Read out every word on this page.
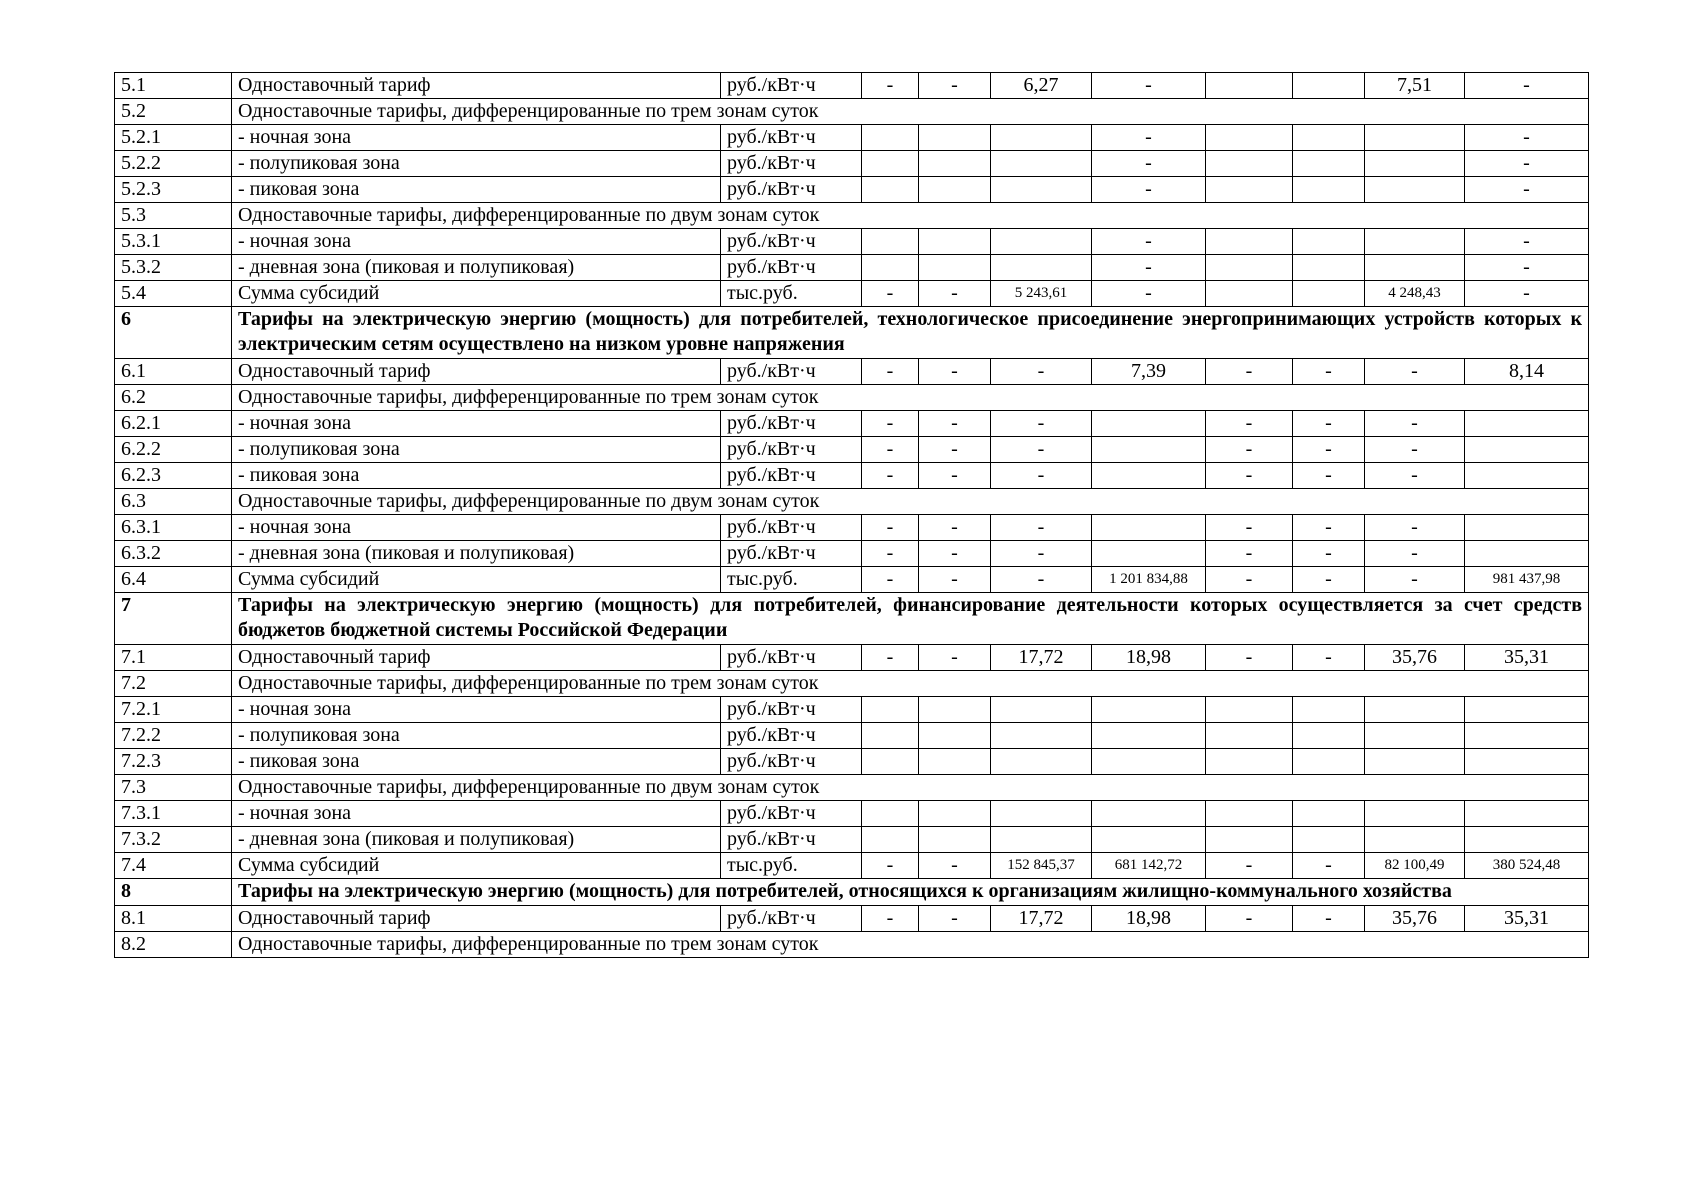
5.1	Одноставочный тариф	руб./кВт·ч	-	-	6,27	-			7,51	-
5.2	Одноставочные тарифы, дифференцированные по трем зонам суток									
5.2.1	- ночная зона	руб./кВт·ч				-				-
5.2.2	- полупиковая зона	руб./кВт·ч				-				-
5.2.3	- пиковая зона	руб./кВт·ч				-				-
5.3	Одноставочные тарифы, дифференцированные по двум зонам суток									
5.3.1	- ночная зона	руб./кВт·ч				-				-
5.3.2	- дневная зона (пиковая и полупиковая)	руб./кВт·ч				-				-
5.4	Сумма субсидий	тыс.руб.	-	-	5 243,61	-			4 248,43	-
6	Тарифы на электрическую энергию (мощность) для потребителей, технологическое присоединение энергопринимающих устройств которых к электрическим сетям осуществлено на низком уровне напряжения									
6.1	Одноставочный тариф	руб./кВт·ч	-	-	-	7,39	-	-	-	8,14
6.2	Одноставочные тарифы, дифференцированные по трем зонам суток									
6.2.1	- ночная зона	руб./кВт·ч	-	-	-		-	-	-	
6.2.2	- полупиковая зона	руб./кВт·ч	-	-	-		-	-	-	
6.2.3	- пиковая зона	руб./кВт·ч	-	-	-		-	-	-	
6.3	Одноставочные тарифы, дифференцированные по двум зонам суток									
6.3.1	- ночная зона	руб./кВт·ч	-	-	-		-	-	-	
6.3.2	- дневная зона (пиковая и полупиковая)	руб./кВт·ч	-	-	-		-	-	-	
6.4	Сумма субсидий	тыс.руб.	-	-	-	1 201 834,88	-	-	-	981 437,98
7	Тарифы на электрическую энергию (мощность) для потребителей, финансирование деятельности которых осуществляется за счет средств бюджетов бюджетной системы Российской Федерации									
7.1	Одноставочный тариф	руб./кВт·ч	-	-	17,72	18,98	-	-	35,76	35,31
7.2	Одноставочные тарифы, дифференцированные по трем зонам суток									
7.2.1	- ночная зона	руб./кВт·ч								
7.2.2	- полупиковая зона	руб./кВт·ч								
7.2.3	- пиковая зона	руб./кВт·ч								
7.3	Одноставочные тарифы, дифференцированные по двум зонам суток									
7.3.1	- ночная зона	руб./кВт·ч								
7.3.2	- дневная зона (пиковая и полупиковая)	руб./кВт·ч								
7.4	Сумма субсидий	тыс.руб.	-	-	152 845,37	681 142,72	-	-	82 100,49	380 524,48
8	Тарифы на электрическую энергию (мощность) для потребителей, относящихся к организациям жилищно-коммунального хозяйства									
8.1	Одноставочный тариф	руб./кВт·ч	-	-	17,72	18,98	-	-	35,76	35,31
8.2	Одноставочные тарифы, дифференцированные по трем зонам суток									
